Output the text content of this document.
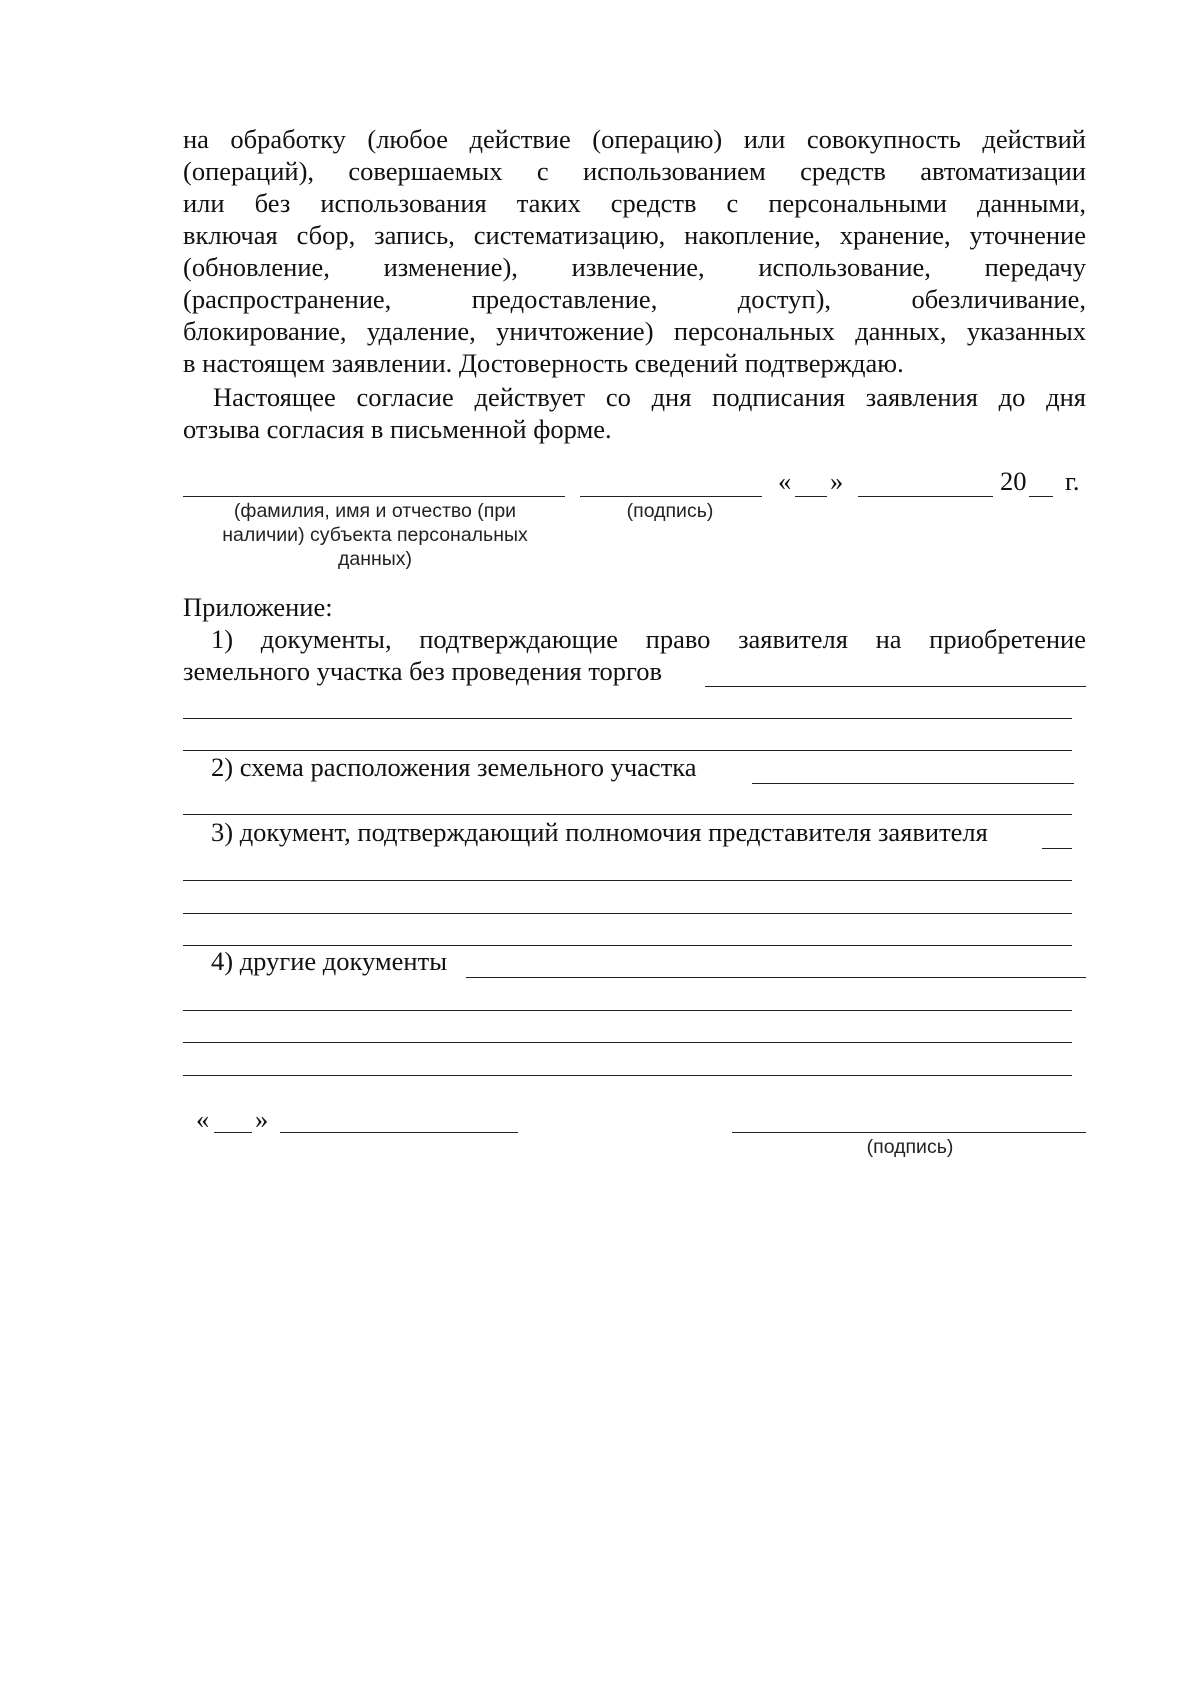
на обработку (любое действие (операцию) или совокупность действий
(операций), совершаемых с использованием средств автоматизации
или без использования таких средств с персональными данными,
включая сбор, запись, систематизацию, накопление, хранение, уточнение
(обновление, изменение), извлечение, использование, передачу
(распространение, предоставление, доступ), обезличивание,
блокирование, удаление, уничтожение) персональных данных, указанных
в настоящем заявлении. Достоверность сведений подтверждаю.
Настоящее согласие действует со дня подписания заявления до дня
отзыва согласия в письменной форме.
« »	20 г.
(фамилия, имя и отчество (при наличии) субъекта персональных данных)
(подпись)
Приложение:
1) документы, подтверждающие право заявителя на приобретение
земельного участка без проведения торгов
2) схема расположения земельного участка
3) документ, подтверждающий полномочия представителя заявителя
4) другие документы
« »
(подпись)
